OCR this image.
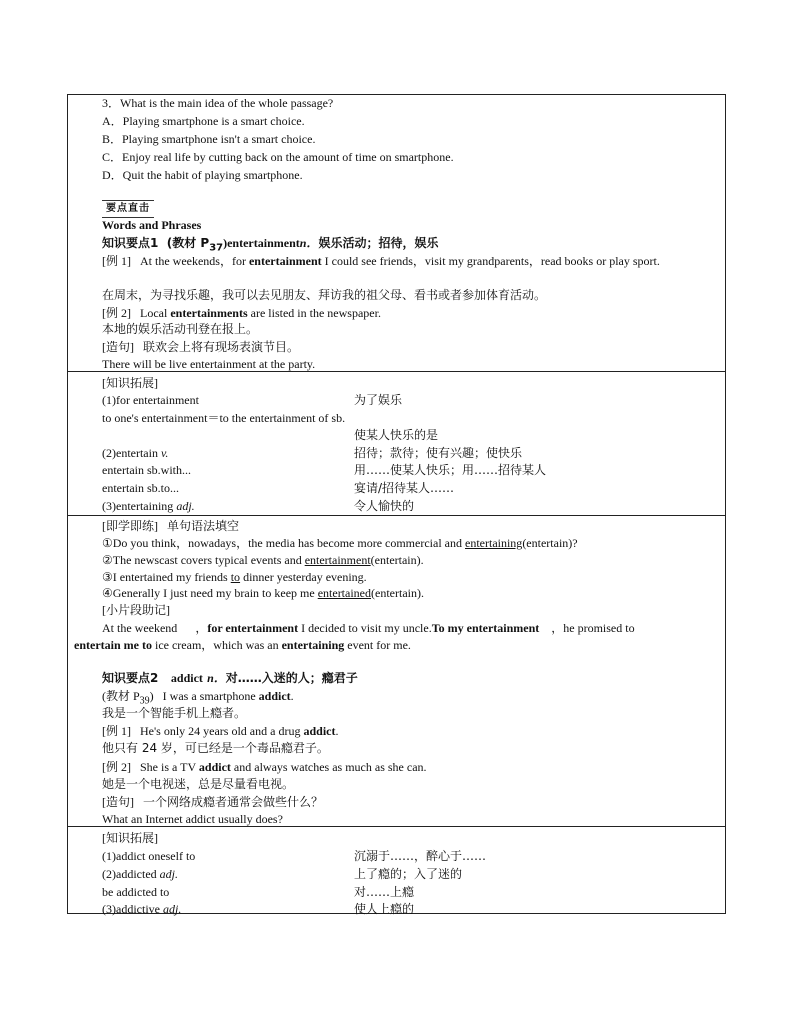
3．What is the main idea of the whole passage?
A．Playing smartphone is a smart choice.
B．Playing smartphone isn't a smart choice.
C．Enjoy real life by cutting back on the amount of time on smartphone.
D．Quit the habit of playing smartphone.
要点直击
Words and Phrases
知识要点1 (教材 $P_{37})entertainmentn$．娱乐活动；招待，娱乐
[例 1] At the weekends，for entertainment I could see friends，visit my grandparents，read books or play sport.
在周末，为寻找乐趣，我可以去见朋友、拜访我的祖父母、看书或者参加体育活动。
[例 2] Local entertainments are listed in the newspaper.
本地的娱乐活动刊登在报上。
[造句] 联欢会上将有现场表演节目。
There will be live entertainment at the party.
[知识拓展]
(1)for entertainment	为了娱乐
to one's entertainment＝to the entertainment of sb.
使某人快乐的是
(2)entertain v.	招待；款待；使有兴趣；使快乐
entertain sb.with...	用……使某人快乐；用……招待某人
entertain sb.to...	宴请/招待某人……
(3)entertaining adj.	令人愉快的
[即学即练] 单句语法填空
①Do you think，nowadays，the media has become more commercial and entertaining(entertain)?
②The newscast covers typical events and entertainment(entertain).
③I entertained my friends to dinner yesterday evening.
④Generally I just need my brain to keep me entertained(entertain).
[小片段助记]
At the weekend ，for entertainment I decided to visit my uncle.To my entertainment ，he promised to
entertain me to ice cream，which was an entertaining event for me.
知识要点2 addict n．对……入迷的人；瘾君子
(教材 $P_{39}$) I was a smartphone addict.
我是一个智能手机上瘾者。
[例 1] He's only 24 years old and a drug addict.
他只有 24 岁，可已经是一个毒品瘾君子。
[例 2] She is a TV addict and always watches as much as she can.
她是一个电视迷，总是尽量看电视。
[造句] 一个网络成瘾者通常会做些什么？
What an Internet addict usually does?
[知识拓展]
(1)addict oneself to	沉溺于……，醉心于……
(2)addicted adj.	上了瘾的；入了迷的
be addicted to	对……上瘾
(3)addictive adj.	使人上瘾的
